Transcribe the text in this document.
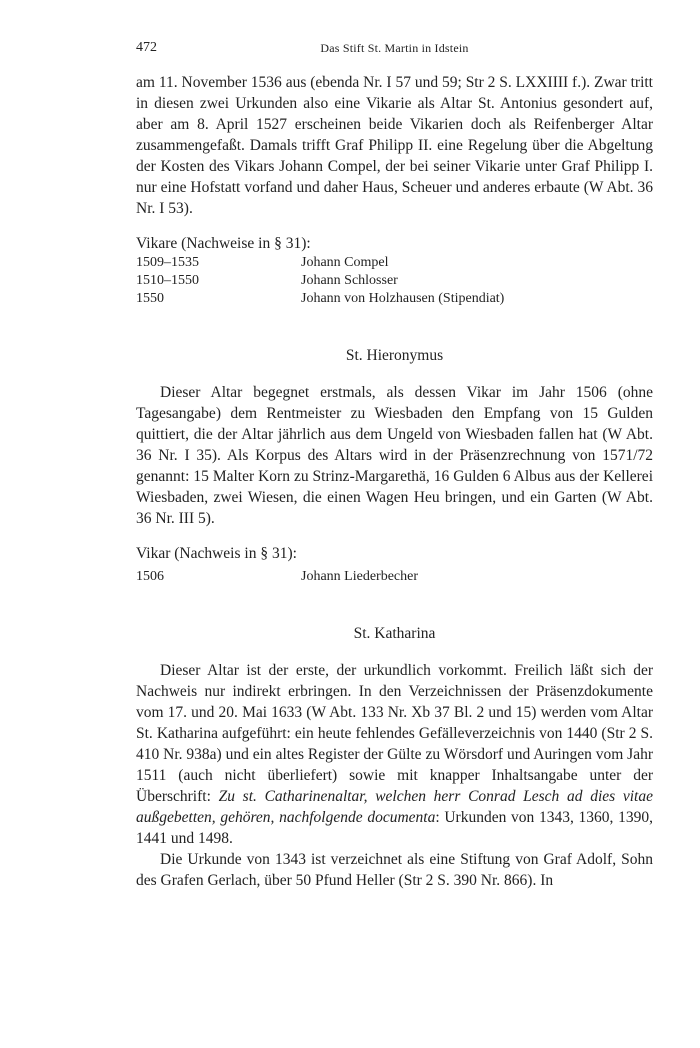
472	Das Stift St. Martin in Idstein

am 11. November 1536 aus (ebenda Nr. I 57 und 59; Str 2 S. LXXIIII f.). Zwar tritt in diesen zwei Urkunden also eine Vikarie als Altar St. Antonius gesondert auf, aber am 8. April 1527 erscheinen beide Vikarien doch als Reifenberger Altar zusammengefaßt. Damals trifft Graf Philipp II. eine Regelung über die Abgeltung der Kosten des Vikars Johann Compel, der bei seiner Vikarie unter Graf Philipp I. nur eine Hofstatt vorfand und daher Haus, Scheuer und anderes erbaute (W Abt. 36 Nr. I 53).

Vikare (Nachweise in § 31):
1509–1535	Johann Compel
1510–1550	Johann Schlosser
1550	Johann von Holzhausen (Stipendiat)
St. Hieronymus

Dieser Altar begegnet erstmals, als dessen Vikar im Jahr 1506 (ohne Tagesangabe) dem Rentmeister zu Wiesbaden den Empfang von 15 Gulden quittiert, die der Altar jährlich aus dem Ungeld von Wiesbaden fallen hat (W Abt. 36 Nr. I 35). Als Korpus des Altars wird in der Präsenzrechnung von 1571/72 genannt: 15 Malter Korn zu Strinz-Margarethä, 16 Gulden 6 Albus aus der Kellerei Wiesbaden, zwei Wiesen, die einen Wagen Heu bringen, und ein Garten (W Abt. 36 Nr. III 5).

Vikar (Nachweis in § 31):
1506	Johann Liederbecher
St. Katharina

Dieser Altar ist der erste, der urkundlich vorkommt. Freilich läßt sich der Nachweis nur indirekt erbringen. In den Verzeichnissen der Präsenzdokumente vom 17. und 20. Mai 1633 (W Abt. 133 Nr. Xb 37 Bl. 2 und 15) werden vom Altar St. Katharina aufgeführt: ein heute fehlendes Gefälleverzeichnis von 1440 (Str 2 S. 410 Nr. 938a) und ein altes Register der Gülte zu Wörsdorf und Auringen vom Jahr 1511 (auch nicht überliefert) sowie mit knapper Inhaltsangabe unter der Überschrift: Zu st. Catharinenaltar, welchen herr Conrad Lesch ad dies vitae außgebetten, gehören, nachfolgende documenta: Urkunden von 1343, 1360, 1390, 1441 und 1498.

Die Urkunde von 1343 ist verzeichnet als eine Stiftung von Graf Adolf, Sohn des Grafen Gerlach, über 50 Pfund Heller (Str 2 S. 390 Nr. 866). In
